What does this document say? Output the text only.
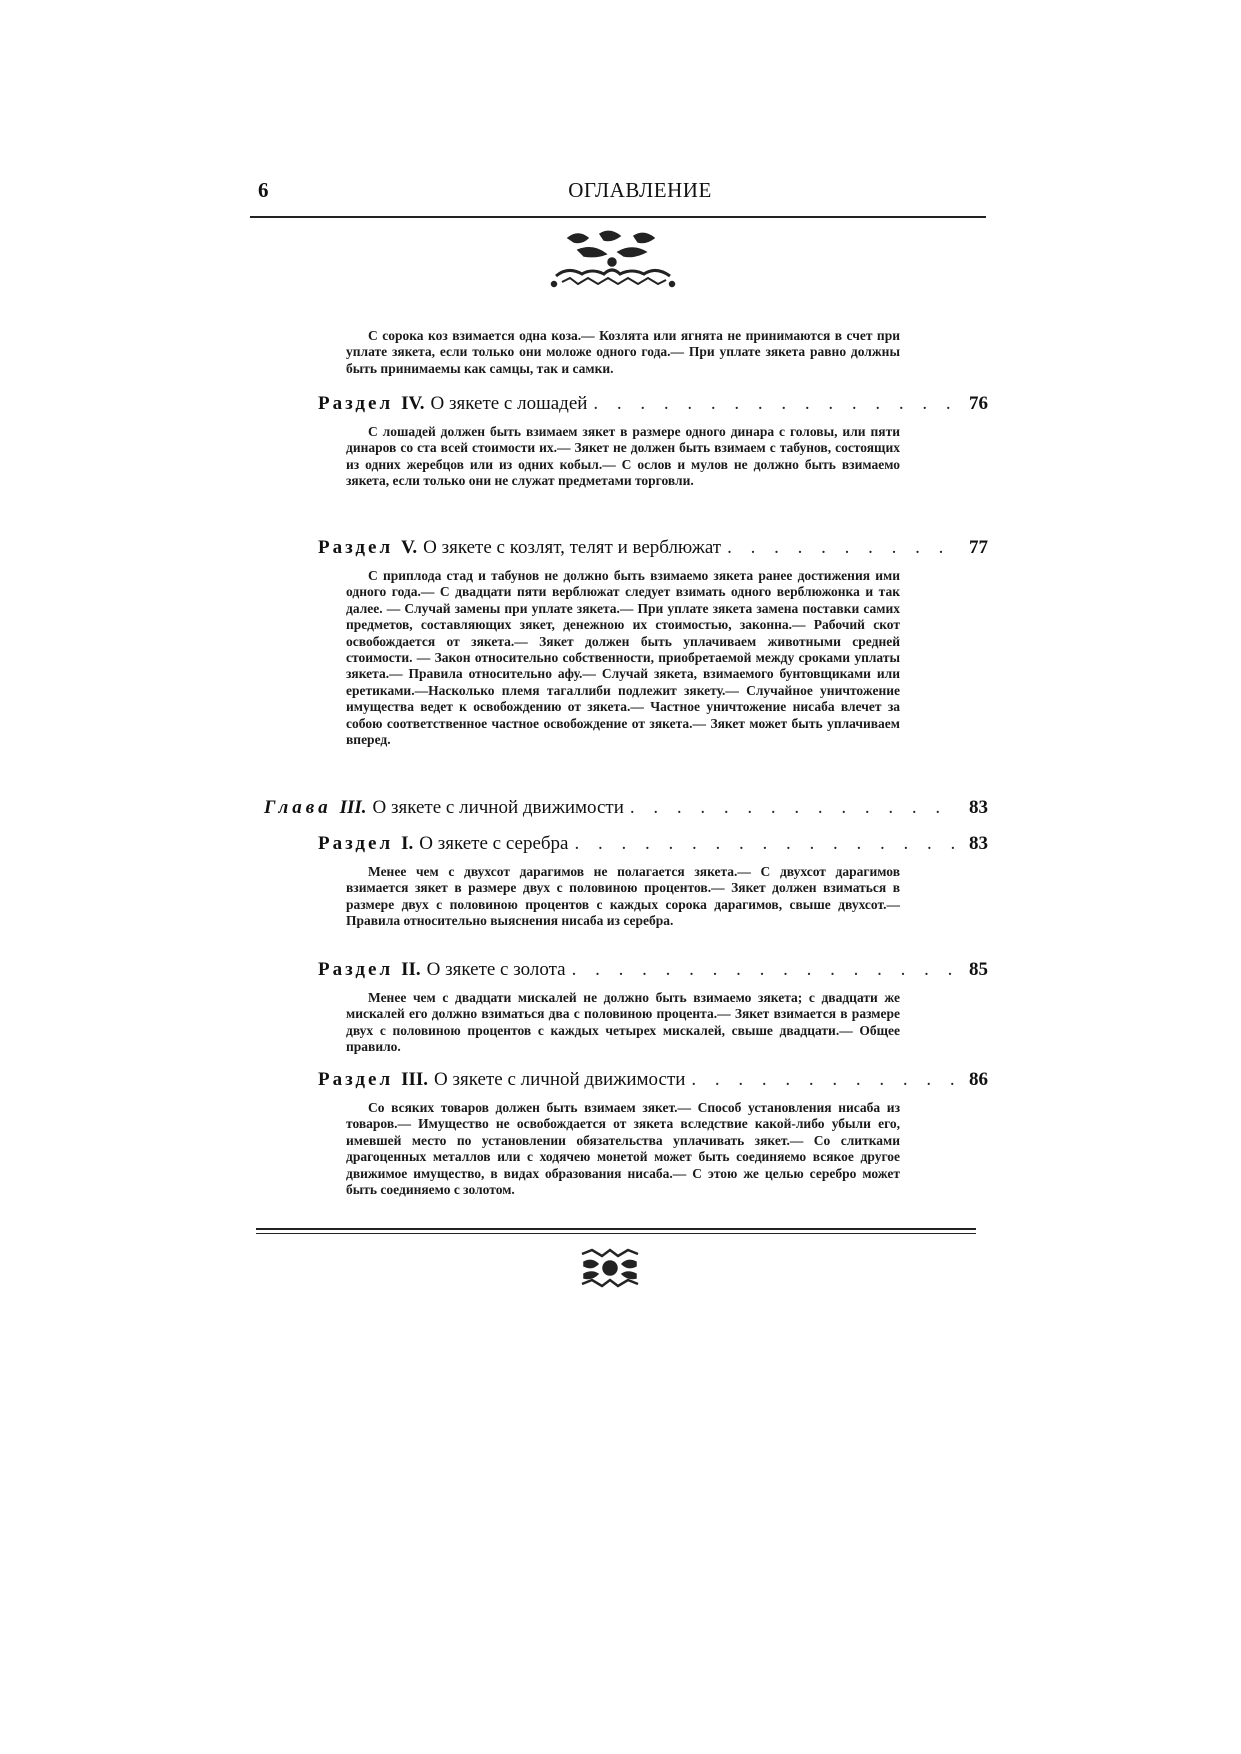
6	ОГЛАВЛЕНИЕ
С сорока коз взимается одна коза.— Козлята или ягнята не принимаются в счет при уплате зякета, если только они моложе одного года.— При уплате зякета равно должны быть принимаемы как самцы, так и самки.
Раздел IV. О зякете с лошадей . . .	76
С лошадей должен быть взимаем зякет в размере одного динара с головы, или пяти динаров со ста всей стоимости их.— Зякет не должен быть взимаем с табунов, состоящих из одних жеребцов или из одних кобыл.— С ослов и мулов не должно быть взимаемо зякета, если только они не служат предметами торговли.
Раздел V. О зякете с козлят, телят и верблюжат . . .	77
С приплода стад и табунов не должно быть взимаемо зякета ранее достижения ими одного года.— С двадцати пяти верблюжат следует взимать одного верблюжонка и так далее. — Случай замены при уплате зякета.— При уплате зякета замена поставки самих предметов, составляющих зякет, денежною их стоимостью, законна.— Рабочий скот освобождается от зякета.— Зякет должен быть уплачиваем животными средней стоимости. — Закон относительно собственности, приобретаемой между сроками уплаты зякета.— Правила относительно афу.— Случай зякета, взимаемого бунтовщиками или еретиками.—Насколько племя тагаллиби подлежит зякету.— Случайное уничтожение имущества ведет к освобождению от зякета.— Частное уничтожение нисаба влечет за собою соответственное частное освобождение от зякета.— Зякет может быть уплачиваем вперед.
Глава III. О зякете с личной движимости . . .	83
Раздел I. О зякете с серебра . . .	83
Менее чем с двухсот дарагимов не полагается зякета.— С двухсот дарагимов взимается зякет в размере двух с половиною процентов.— Зякет должен взиматься в размере двух с половиною процентов с каждых сорока дарагимов, свыше двухсот.— Правила относительно выяснения нисаба из серебра.
Раздел II. О зякете с золота . . .	85
Менее чем с двадцати мискалей не должно быть взимаемо зякета; с двадцати же мискалей его должно взиматься два с половиною процента.— Зякет взимается в размере двух с половиною процентов с каждых четырех мискалей, свыше двадцати.— Общее правило.
Раздел III. О зякете с личной движимости . . .	86
Со всяких товаров должен быть взимаем зякет.— Способ установления нисаба из товаров.— Имущество не освобождается от зякета вследствие какой-либо убыли его, имевшей место по установлении обязательства уплачивать зякет.— Со слитками драгоценных металлов или с ходячею монетой может быть соединяемо всякое другое движимое имущество, в видах образования нисаба.— С этою же целью серебро может быть соединяемо с золотом.
